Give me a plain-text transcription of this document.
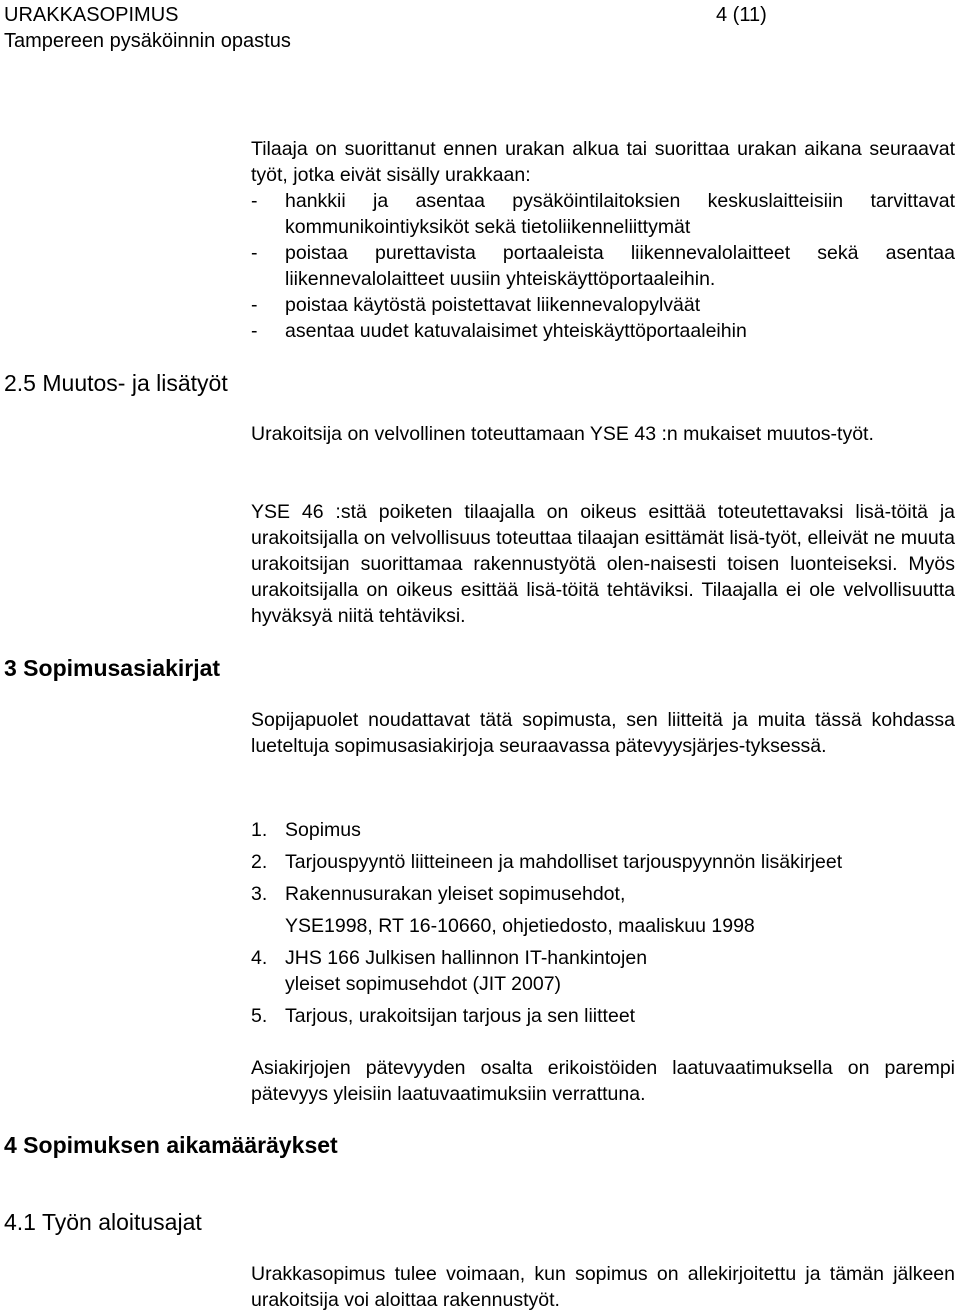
URAKKASOPIMUS
Tampereen pysäköinnin opastus
4 (11)
Tilaaja on suorittanut ennen urakan alkua tai suorittaa urakan aikana seuraavat työt, jotka eivät sisälly urakkaan:
-	hankkii ja asentaa pysäköintilaitoksien keskuslaitteisiin tarvittavat kommunikointiyksiköt sekä tietoliikenneliittymät
-	poistaa purettavista portaaleista liikennevalolaitteet sekä asentaa liikennevalolaitteet uusiin yhteiskäyttöportaaleihin.
-	poistaa käytöstä poistettavat liikennevalopylväät
-	asentaa uudet katuvalaisimet yhteiskäyttöportaaleihin
2.5 Muutos- ja lisätyöt
Urakoitsija on velvollinen toteuttamaan YSE 43 :n mukaiset muutos-työt.
YSE 46 :stä poiketen tilaajalla on oikeus esittää toteutettavaksi lisä-töitä ja urakoitsijalla on velvollisuus toteuttaa tilaajan esittämät lisä-työt, elleivät ne muuta urakoitsijan suorittamaa rakennustyötä olen-naisesti toisen luonteiseksi. Myös urakoitsijalla on oikeus esittää lisä-töitä tehtäviksi. Tilaajalla ei ole velvollisuutta hyväksyä niitä tehtäviksi.
3 Sopimusasiakirjat
Sopijapuolet noudattavat tätä sopimusta, sen liitteitä ja muita tässä kohdassa lueteltuja sopimusasiakirjoja seuraavassa pätevyysjärjes-tyksessä.
1. Sopimus
2. Tarjouspyyntö liitteineen ja mahdolliset tarjouspyynnön lisäkirjeet
3. Rakennusurakan yleiset sopimusehdot,
YSE1998, RT 16-10660, ohjetiedosto, maaliskuu 1998
4. JHS 166 Julkisen hallinnon IT-hankintojen
yleiset sopimusehdot (JIT 2007)
5. Tarjous, urakoitsijan tarjous ja sen liitteet
Asiakirjojen pätevyyden osalta erikoistöiden laatuvaatimuksella on parempi pätevyys yleisiin laatuvaatimuksiin verrattuna.
4 Sopimuksen aikamääräykset
4.1 Työn aloitusajat
Urakkasopimus tulee voimaan, kun sopimus on allekirjoitettu ja tämän jälkeen urakoitsija voi aloittaa rakennustyöt.
